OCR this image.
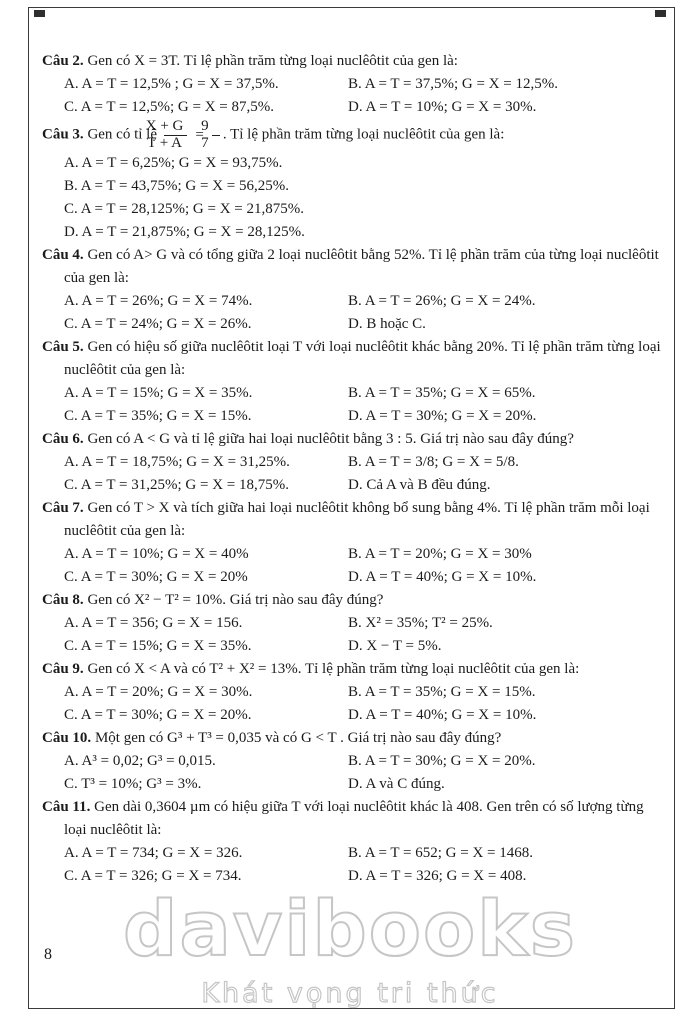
davibooks
Khát vọng tri thức
Câu 2. Gen có X = 3T. Tỉ lệ phần trăm từng loại nuclêôtit của gen là:
A. A = T = 12,5% ; G = X = 37,5%.	B. A = T = 37,5%; G = X = 12,5%.
C. A = T = 12,5%; G = X = 87,5%.	D. A = T = 10%; G = X = 30%.
Câu 3. Gen có tỉ lệ $\frac{X + G}{T + A} = \frac{9}{7}$ . Tỉ lệ phần trăm từng loại nuclêôtit của gen là:
A. A = T = 6,25%; G = X = 93,75%.
B. A = T = 43,75%; G = X = 56,25%.
C. A = T = 28,125%; G = X = 21,875%.
D. A = T = 21,875%; G = X = 28,125%.
Câu 4. Gen có A> G và có tổng giữa 2 loại nuclêôtit bằng 52%. Tỉ lệ phần trăm của từng loại nuclêôtit của gen là:
A. A = T = 26%; G = X = 74%.	B. A = T = 26%; G = X = 24%.
C. A = T = 24%; G = X = 26%.	D. B hoặc C.
Câu 5. Gen có hiệu số giữa nuclêôtit loại T với loại nuclêôtit khác bằng 20%. Tỉ lệ phần trăm từng loại nuclêôtit của gen là:
A. A = T = 15%; G = X = 35%.	B. A = T = 35%; G = X = 65%.
C. A = T = 35%; G = X = 15%.	D. A = T = 30%; G = X = 20%.
Câu 6. Gen có A < G và tỉ lệ giữa hai loại nuclêôtit bằng 3 : 5. Giá trị nào sau đây đúng?
A. A = T = 18,75%; G = X = 31,25%.	B. A = T = 3/8; G = X = 5/8.
C. A = T = 31,25%; G = X = 18,75%.	D. Cả A và B đều đúng.
Câu 7. Gen có T > X và tích giữa hai loại nuclêôtit không bổ sung bằng 4%. Tỉ lệ phần trăm mỗi loại nuclêôtit của gen là:
A. A = T = 10%; G = X = 40%	B. A = T = 20%; G = X = 30%
C. A = T = 30%; G = X = 20%	D. A = T = 40%; G = X = 10%.
Câu 8. Gen có X² − T² = 10%. Giá trị nào sau đây đúng?
A. A = T = 356; G = X = 156.	B. X² = 35%; T² = 25%.
C. A = T = 15%; G = X = 35%.	D. X − T = 5%.
Câu 9. Gen có X < A và có T² + X² = 13%. Tỉ lệ phần trăm từng loại nuclêôtit của gen là:
A. A = T = 20%; G = X = 30%.	B. A = T = 35%; G = X = 15%.
C. A = T = 30%; G = X = 20%.	D. A = T = 40%; G = X = 10%.
Câu 10. Một gen có G³ + T³ = 0,035 và có G < T . Giá trị nào sau đây đúng?
A. A³ = 0,02; G³ = 0,015.	B. A = T = 30%; G = X = 20%.
C. T³ = 10%; G³ = 3%.	D. A và C đúng.
Câu 11. Gen dài 0,3604 µm có hiệu giữa T với loại nuclêôtit khác là 408. Gen trên có số lượng từng loại nuclêôtit là:
A. A = T = 734; G = X = 326.	B. A = T = 652; G = X = 1468.
C. A = T = 326; G = X = 734.	D. A = T = 326; G = X = 408.
8
